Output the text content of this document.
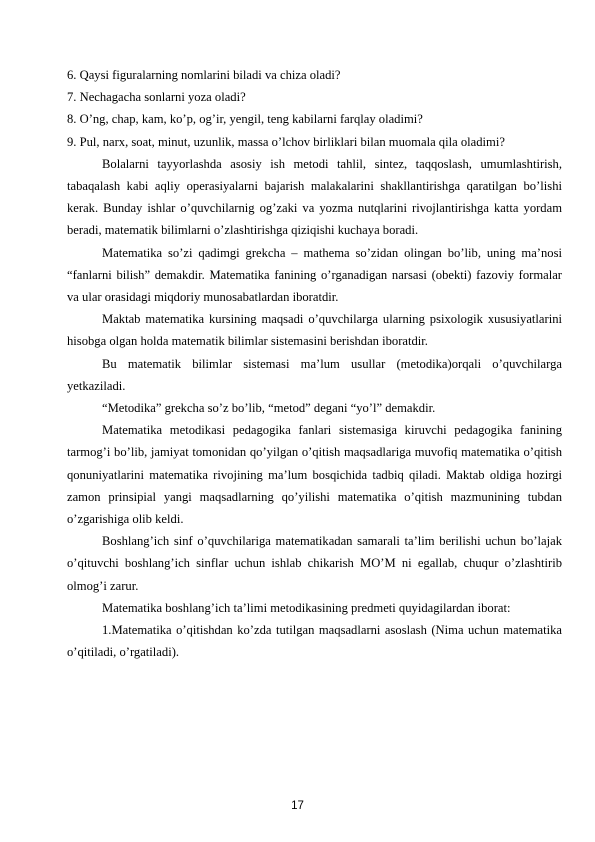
6. Qaysi figuralarning nomlarini biladi va chiza oladi?

7. Nechagacha sonlarni yoza oladi?

8. O’ng, chap, kam, ko’p, og’ir, yengil, teng kabilarni farqlay oladimi?

9. Pul, narx, soat, minut, uzunlik, massa o’lchov birliklari bilan muomala qila oladimi?

Bolalarni tayyorlashda asosiy ish metodi tahlil, sintez, taqqoslash, umumlashtirish, tabaqalash kabi aqliy operasiyalarni bajarish malakalarini shakllantirishga qaratilgan bo’lishi kerak. Bunday ishlar o’quvchilarnig og’zaki va yozma nutqlarini rivojlantirishga katta yordam beradi, matematik bilimlarni o’zlashtirishga qiziqishi kuchaya boradi.

Matematika so’zi qadimgi grekcha – mathema so’zidan olingan bo’lib, uning ma’nosi “fanlarni bilish” demakdir. Matematika fanining o’rganadigan narsasi (obekti) fazoviy formalar va ular orasidagi miqdoriy munosabatlardan iboratdir.

Maktab matematika kursining maqsadi o’quvchilarga ularning psixologik xususiyatlarini hisobga olgan holda matematik bilimlar sistemasini berishdan iboratdir.

Bu matematik bilimlar sistemasi ma’lum usullar (metodika)orqali o’quvchilarga yetkaziladi.

“Metodika” grekcha so’z bo’lib, “metod” degani “yo’l” demakdir.

Matematika metodikasi pedagogika fanlari sistemasiga kiruvchi pedagogika fanining tarmog’i bo’lib, jamiyat tomonidan qo’yilgan o’qitish maqsadlariga muvofiq matematika o’qitish qonuniyatlarini matematika rivojining ma’lum bosqichida tadbiq qiladi. Maktab oldiga hozirgi zamon prinsipial yangi maqsadlarning qo’yilishi matematika o’qitish mazmunining tubdan o’zgarishiga olib keldi.

Boshlang’ich sinf o’quvchilariga matematikadan samarali ta’lim berilishi uchun bo’lajak o’qituvchi boshlang’ich sinflar uchun ishlab chikarish MO’M ni egallab, chuqur o’zlashtirib olmog’i zarur.

Matematika boshlang’ich ta’limi metodikasining predmeti quyidagilardan iborat:

1.Matematika o’qitishdan ko’zda tutilgan maqsadlarni asoslash (Nima uchun matematika o’qitiladi, o’rgatiladi).

17
